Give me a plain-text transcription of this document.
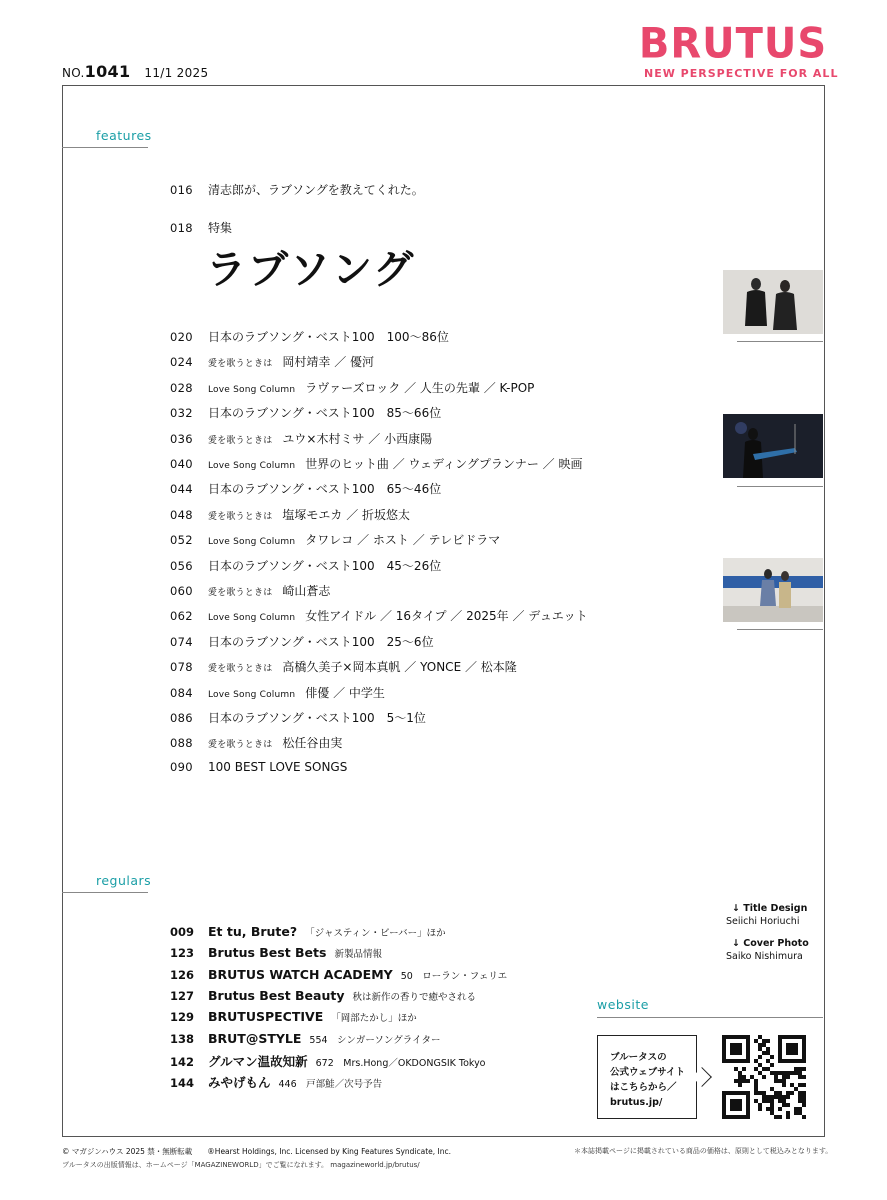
NO.1041 11/1 2025
BRUTUS
NEW PERSPECTIVE FOR ALL
features
016	清志郎が、ラブソングを教えてくれた。
018	特集
ラブソング
020	日本のラブソング・ベスト100　100〜86位
024	愛を歌うときは 岡村靖幸 ／ 優河
028	Love Song Column ラヴァーズロック ／ 人生の先輩 ／ K-POP
032	日本のラブソング・ベスト100　85〜66位
036	愛を歌うときは ユウ×木村ミサ ／ 小西康陽
040	Love Song Column 世界のヒット曲 ／ ウェディングプランナー ／ 映画
044	日本のラブソング・ベスト100　65〜46位
048	愛を歌うときは 塩塚モエカ ／ 折坂悠太
052	Love Song Column タワレコ ／ ホスト ／ テレビドラマ
056	日本のラブソング・ベスト100　45〜26位
060	愛を歌うときは 崎山蒼志
062	Love Song Column 女性アイドル ／ 16タイプ ／ 2025年 ／ デュエット
074	日本のラブソング・ベスト100　25〜6位
078	愛を歌うときは 高橋久美子×岡本真帆 ／ YONCE ／ 松本隆
084	Love Song Column 俳優 ／ 中学生
086	日本のラブソング・ベスト100　5〜1位
088	愛を歌うときは 松任谷由実
090	100 BEST LOVE SONGS
regulars
009	Et tu, Brute? 「ジャスティン・ビーバー」ほか
123	Brutus Best Bets 新製品情報
126	BRUTUS WATCH ACADEMY 50　ローラン・フェリエ
127	Brutus Best Beauty 秋は新作の香りで癒やされる
129	BRUTUSPECTIVE 「岡部たかし」ほか
138	BRUT@STYLE 554　シンガーソングライター
142	グルマン温故知新 672　Mrs.Hong／OKDONGSIK Tokyo
144	みやげもん 446　戸部鮭／次号予告
↓ Title Design
Seiichi Horiuchi
↓ Cover Photo
Saiko Nishimura
website
ブルータスの
公式ウェブサイト
はこちらから／
brutus.jp/
© マガジンハウス 2025 禁・無断転載　　®Hearst Holdings, Inc. Licensed by King Features Syndicate, Inc.
ブルータスの出版情報は、ホームページ「MAGAZINEWORLD」でご覧になれます。 magazineworld.jp/brutus/
＊本誌掲載ページに掲載されている商品の価格は、原則として税込みとなります。
